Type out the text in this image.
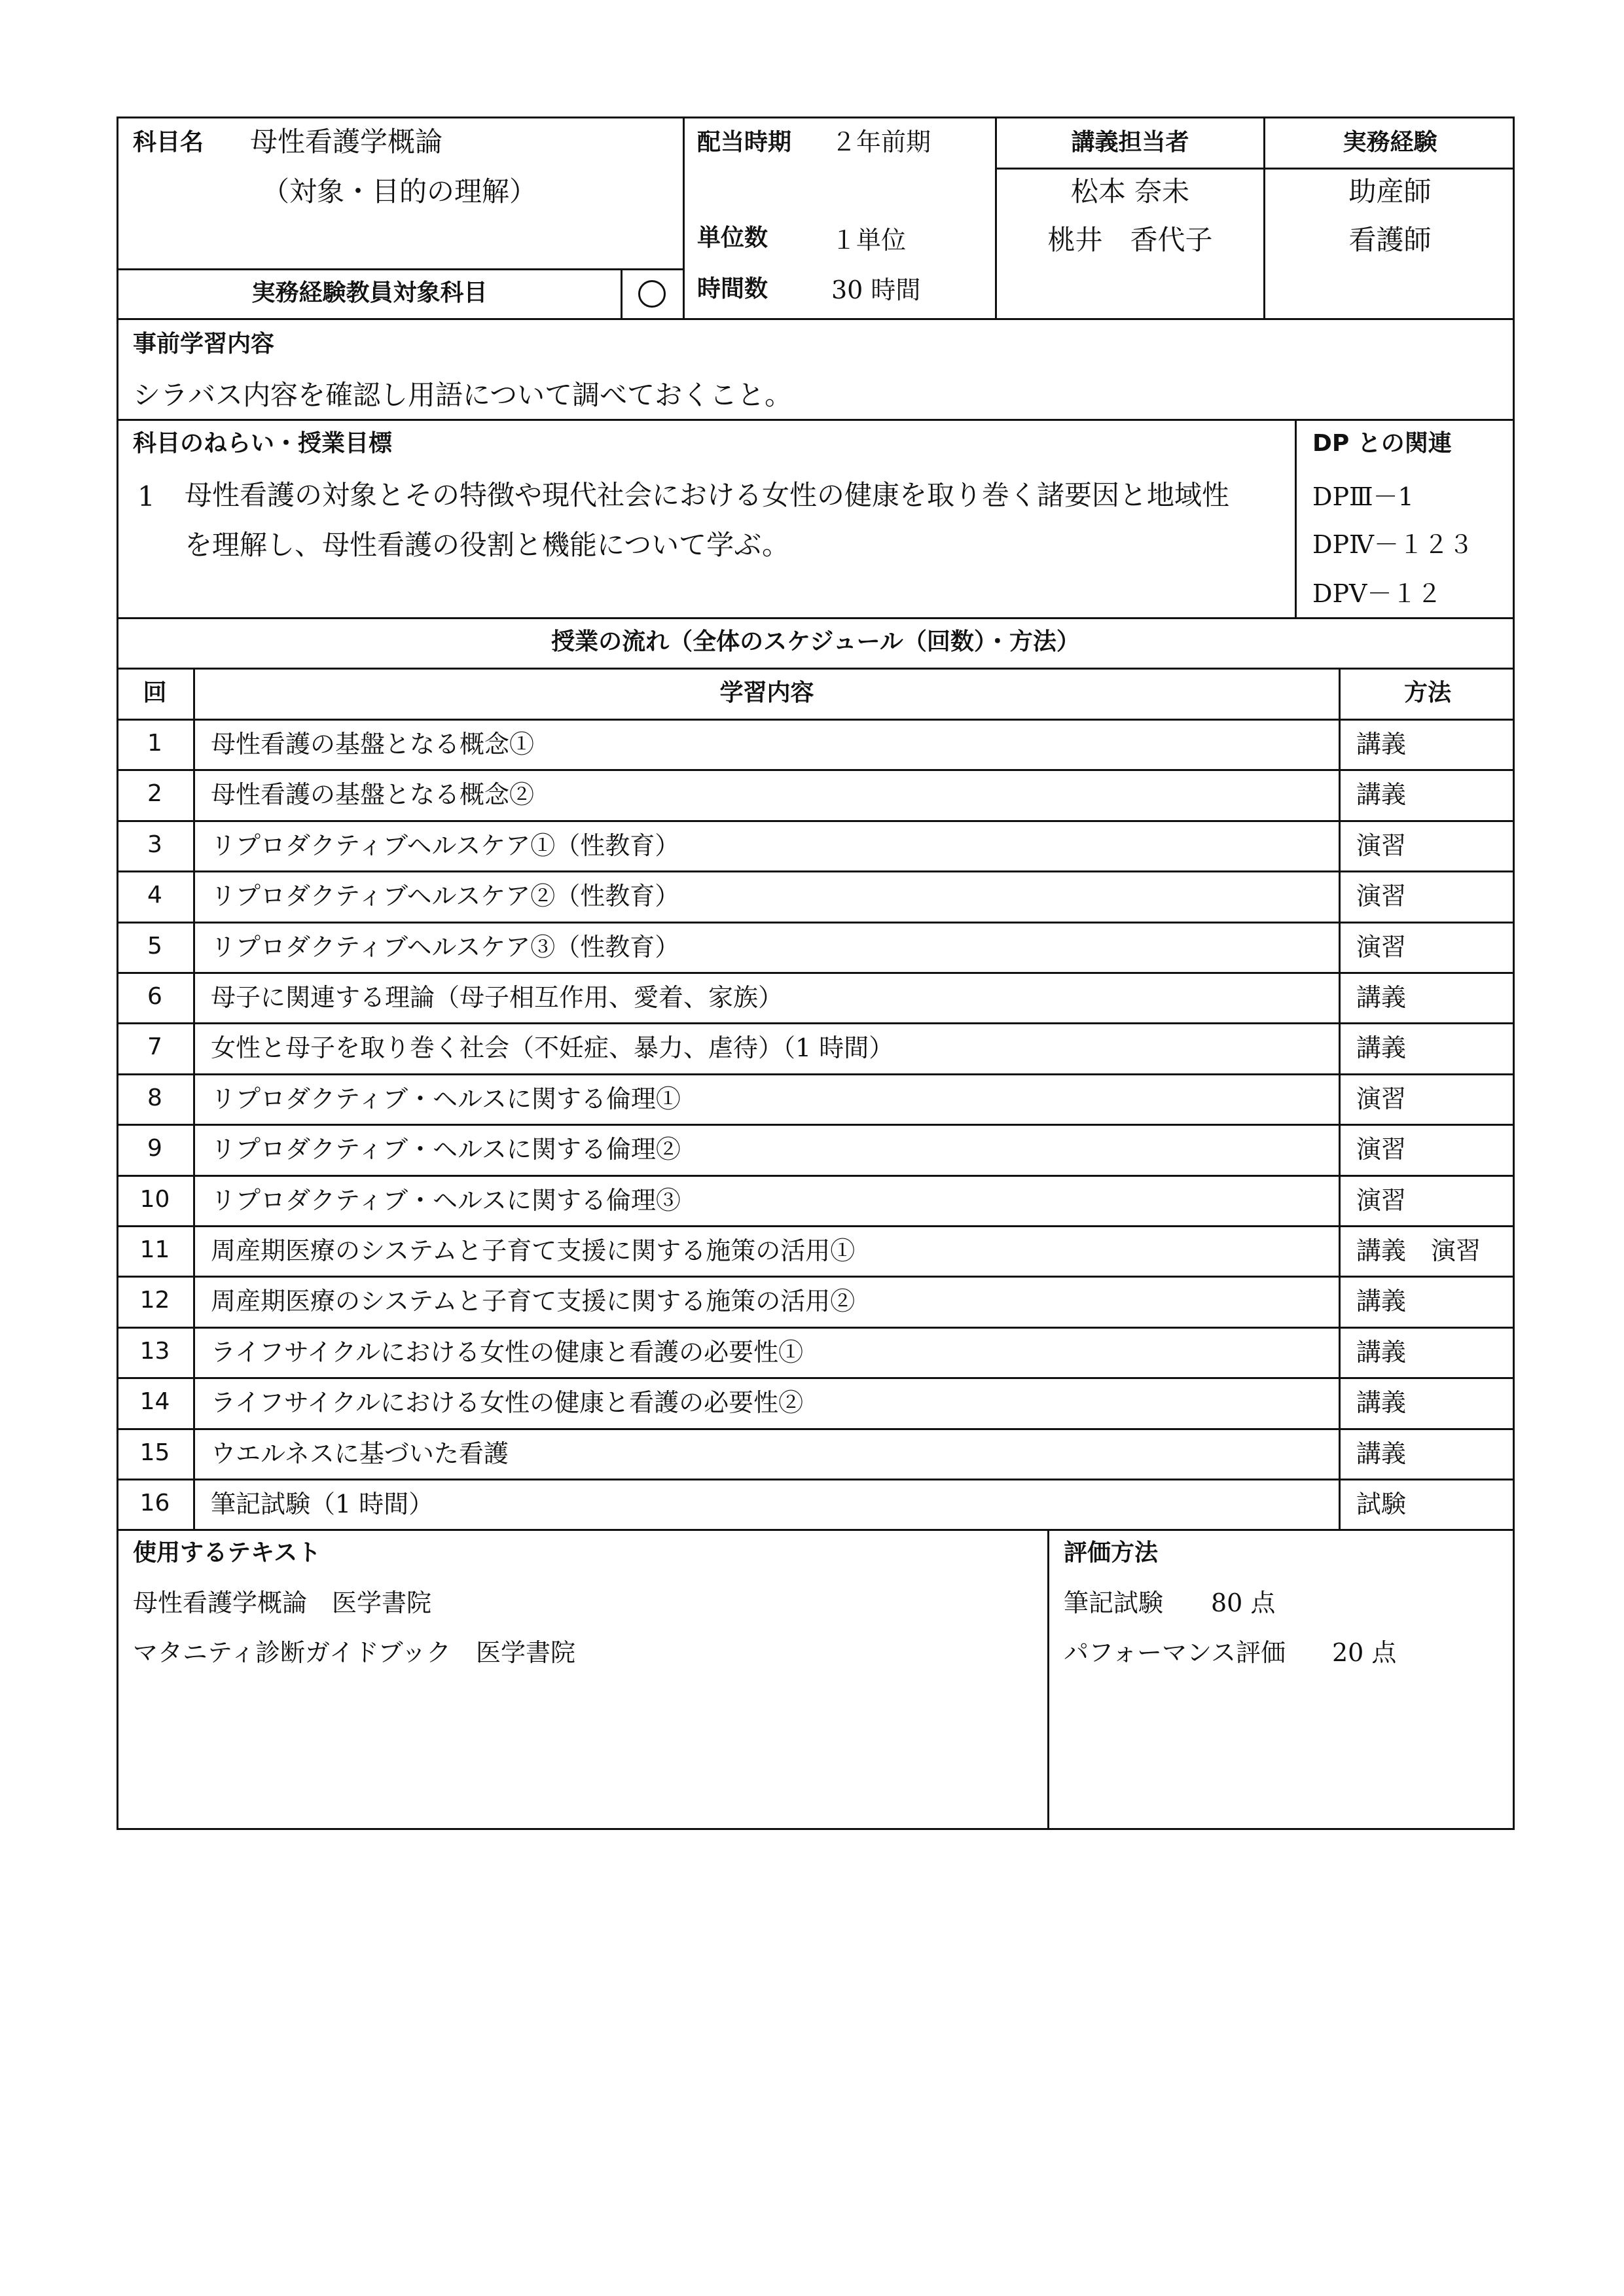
科目名 母性看護学概論
（対象・目的の理解）
配当時期 ２年前期
単位数	１単位
時間数	30 時間
講義担当者
松本 奈未
桃井　香代子
実務経験
助産師
看護師
実務経験教員対象科目
事前学習内容
シラバス内容を確認し用語について調べておくこと。
科目のねらい・授業目標
1 母性看護の対象とその特徴や現代社会における女性の健康を取り巻く諸要因と地域性
を理解し、母性看護の役割と機能について学ぶ。
DP との関連
DPⅢ－1
DPⅣ－１２３
DPⅤ－１２
授業の流れ（全体のスケジュール（回数）・方法）
回	学習内容	方法
1	母性看護の基盤となる概念①	講義
2	母性看護の基盤となる概念②	講義
3	リプロダクティブヘルスケア①（性教育）	演習
4	リプロダクティブヘルスケア②（性教育）	演習
5	リプロダクティブヘルスケア③（性教育）	演習
6	母子に関連する理論（母子相互作用、愛着、家族）	講義
7	女性と母子を取り巻く社会（不妊症、暴力、虐待）（1 時間）	講義
8	リプロダクティブ・ヘルスに関する倫理①	演習
9	リプロダクティブ・ヘルスに関する倫理②	演習
10	リプロダクティブ・ヘルスに関する倫理③	演習
11	周産期医療のシステムと子育て支援に関する施策の活用①	講義　演習
12	周産期医療のシステムと子育て支援に関する施策の活用②	講義
13	ライフサイクルにおける女性の健康と看護の必要性①	講義
14	ライフサイクルにおける女性の健康と看護の必要性②	講義
15	ウエルネスに基づいた看護	講義
16	筆記試験（1 時間）	試験
使用するテキスト
母性看護学概論　医学書院
マタニティ診断ガイドブック　医学書院
評価方法
筆記試験 80 点
パフォーマンス評価 20 点
